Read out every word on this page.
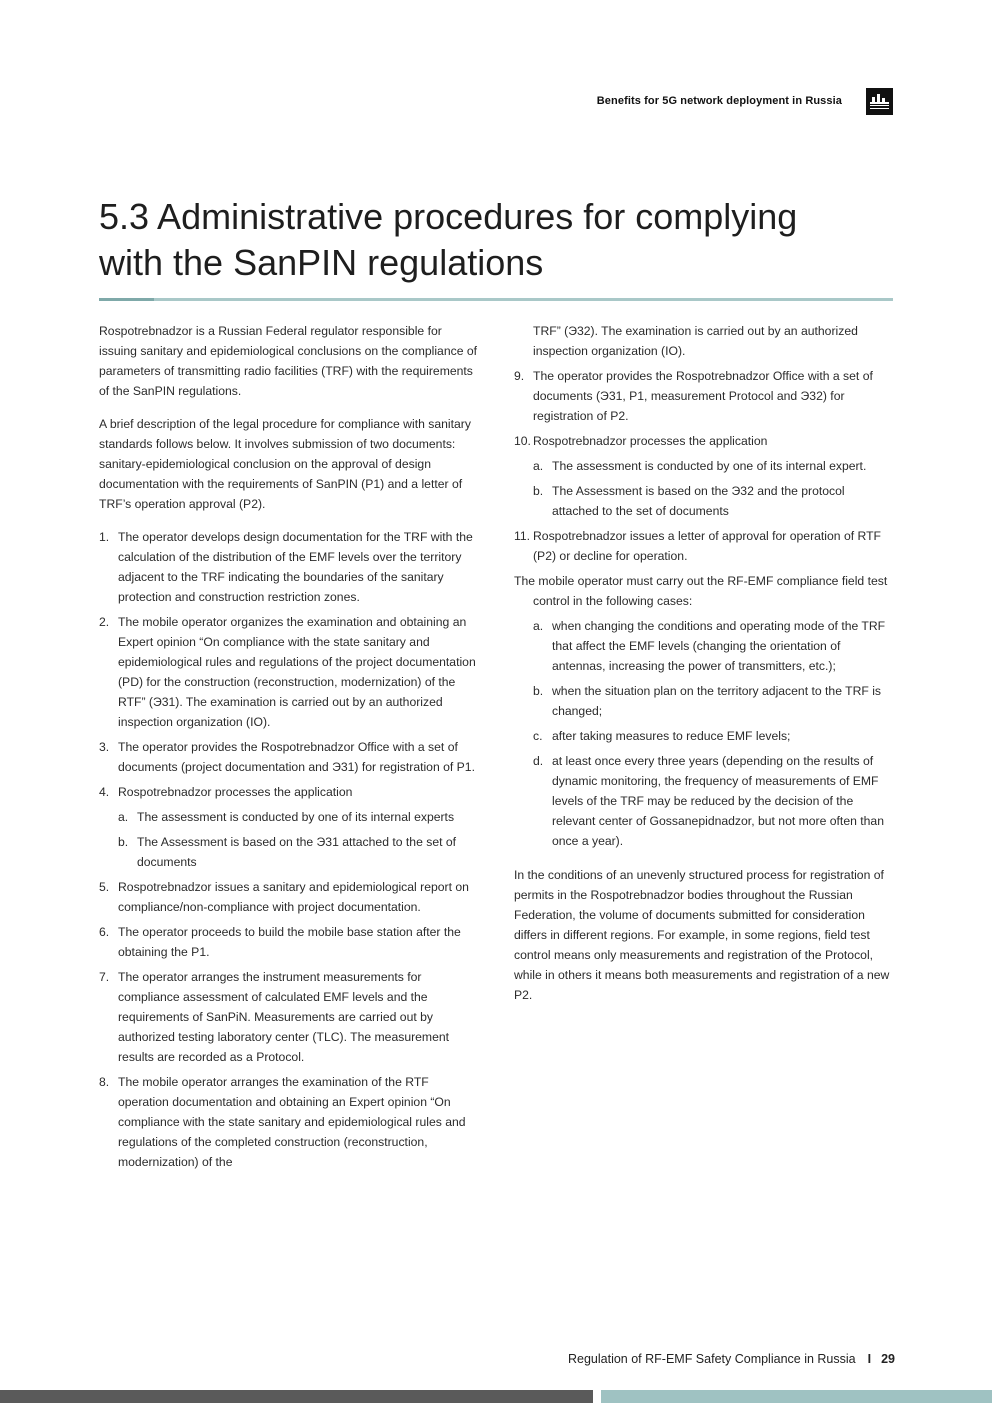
Benefits for 5G network deployment in Russia
5.3 Administrative procedures for complying
with the SanPIN regulations

Rospotrebnadzor is a Russian Federal regulator responsible for issuing sanitary and epidemiological conclusions on the compliance of parameters of transmitting radio facilities (TRF) with the requirements of the SanPIN regulations.

A brief description of the legal procedure for compliance with sanitary standards follows below. It involves submission of two documents: sanitary-epidemiological conclusion on the approval of design documentation with the requirements of SanPIN (P1) and a letter of TRF’s operation approval (P2).

1. The operator develops design documentation for the TRF with the calculation of the distribution of the EMF levels over the territory adjacent to the TRF indicating the boundaries of the sanitary protection and construction restriction zones.
2. The mobile operator organizes the examination and obtaining an Expert opinion “On compliance with the state sanitary and epidemiological rules and regulations of the project documentation (PD) for the construction (reconstruction, modernization) of the RTF” (Э31). The examination is carried out by an authorized inspection organization (IO).
3. The operator provides the Rospotrebnadzor Office with a set of documents (project documentation and Э31) for registration of P1.
4. Rospotrebnadzor processes the application
a. The assessment is conducted by one of its internal experts
b. The Assessment is based on the Э31 attached to the set of documents
5. Rospotrebnadzor issues a sanitary and epidemiological report on compliance/non-compliance with project documentation.
6. The operator proceeds to build the mobile base station after the obtaining the P1.
7. The operator arranges the instrument measurements for compliance assessment of calculated EMF levels and the requirements of SanPiN. Measurements are carried out by authorized testing laboratory center (TLC). The measurement results are recorded as a Protocol.
8. The mobile operator arranges the examination of the RTF operation documentation and obtaining an Expert opinion “On compliance with the state sanitary and epidemiological rules and regulations of the completed construction (reconstruction, modernization) of the
TRF” (Э32). The examination is carried out by an authorized inspection organization (IO).
9. The operator provides the Rospotrebnadzor Office with a set of documents (Э31, P1, measurement Protocol and Э32) for registration of P2.
10. Rospotrebnadzor processes the application
a. The assessment is conducted by one of its internal expert.
b. The Assessment is based on the Э32 and the protocol attached to the set of documents
11. Rospotrebnadzor issues a letter of approval for operation of RTF (P2) or decline for operation.
The mobile operator must carry out the RF-EMF compliance field test control in the following cases:
a. when changing the conditions and operating mode of the TRF that affect the EMF levels (changing the orientation of antennas, increasing the power of transmitters, etc.);
b. when the situation plan on the territory adjacent to the TRF is changed;
c. after taking measures to reduce EMF levels;
d. at least once every three years (depending on the results of dynamic monitoring, the frequency of measurements of EMF levels of the TRF may be reduced by the decision of the relevant center of Gossanepidnadzor, but not more often than once a year).

In the conditions of an unevenly structured process for registration of permits in the Rospotrebnadzor bodies throughout the Russian Federation, the volume of documents submitted for consideration differs in different regions. For example, in some regions, field test control means only measurements and registration of the Protocol, while in others it means both measurements and registration of a new P2.

Regulation of RF-EMF Safety Compliance in Russia I 29
